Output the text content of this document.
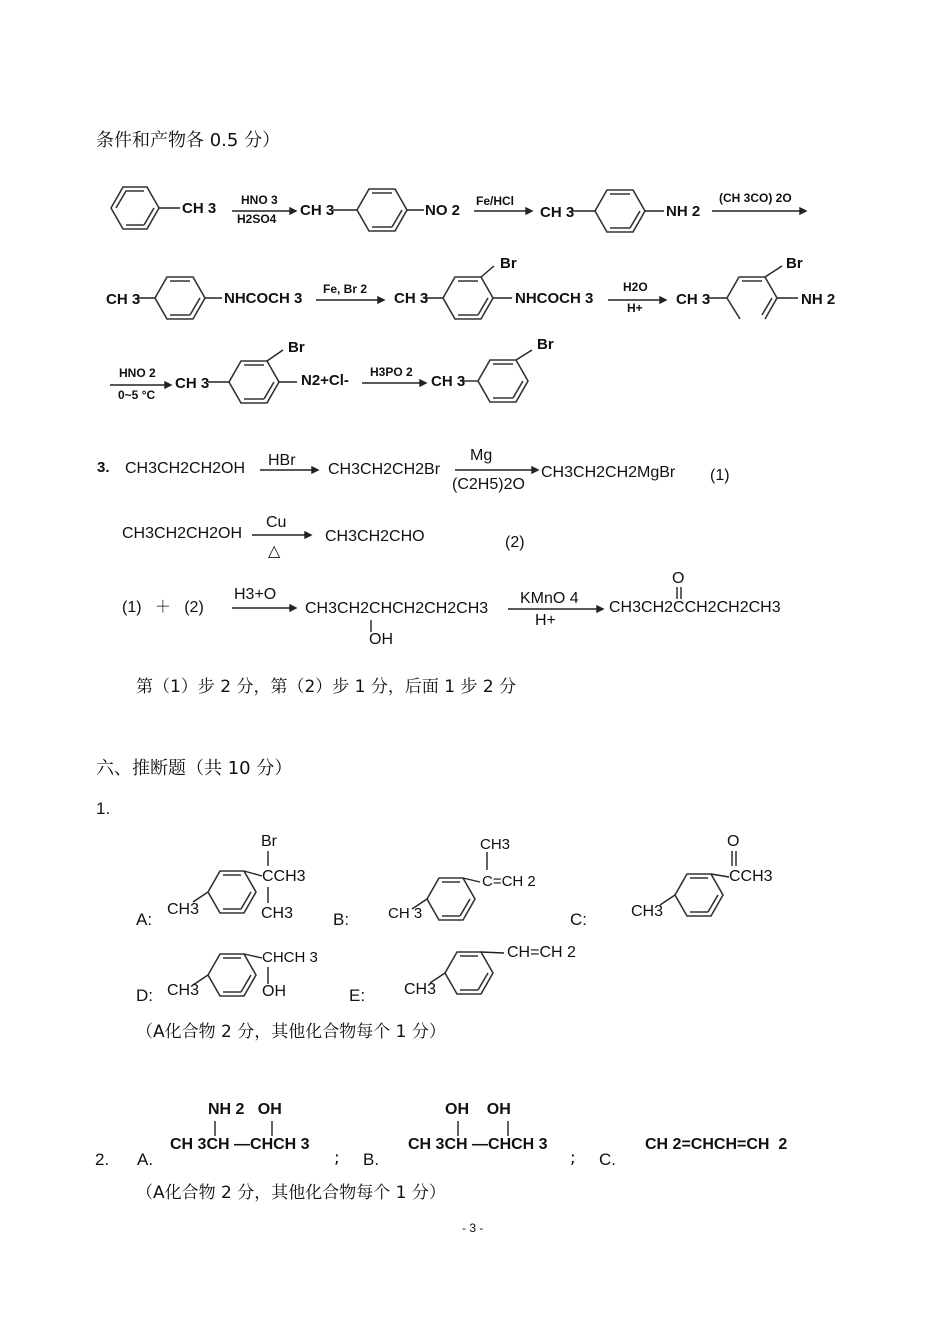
条件和产物各 0.5 分）
CH 3 HNO 3
H2SO4 CH 3	NO 2
Fe/HCl
CH 3	NH 2
(CH 3CO) 2O
CH 3	NHCOCH 3
Fe, Br 2
CH 3
Br
NHCOCH 3
H2O
H+ CH 3
Br
NH 2
HNO 2
0~5 °C
CH 3
Br
N2+Cl- H3PO 2
CH 3
Br
3. CH3CH2CH2OH HBr
CH3CH2CH2Br
Mg
(C2H5)2O
CH3CH2CH2MgBr (1)
CH3CH2CH2OH
Cu
△
CH3CH2CHO	(2)
(1)   ＋   (2)
H3+O
CH3CH2CHCH2CH2CH3
OH
KMnO 4
H+
CH3CH2CCH2CH2CH3
O
第（1）步 2 分，第（2）步 1 分，后面 1 步 2 分
六、推断题（共 10 分）
1.
A:
Br
CCH3
CH3	CH3 B:
CH3
C=CH 2
CH 3	C:
O
CCH3
CH3
D:
CHCH 3
OH
CH3	E:
CH=CH 2
CH3
（A化合物 2 分，其他化合物每个 1 分）
2. A.
NH 2   OH
CH 3CH —CHCH 3
; B.
OH    OH
CH 3CH —CHCH 3
; C.
CH 2=CHCH=CH  2
（A化合物 2 分，其他化合物每个 1 分）
- 3 -
